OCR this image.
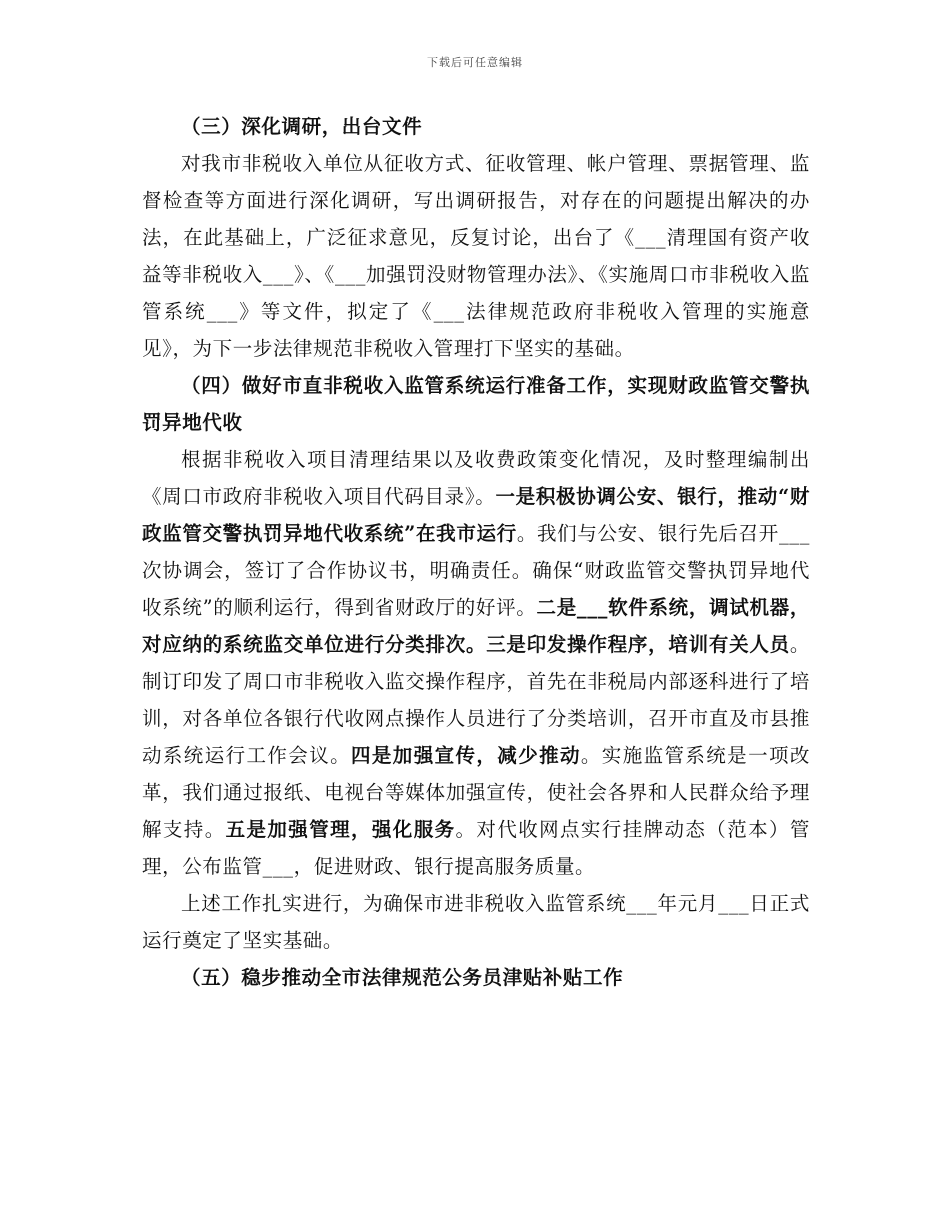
下载后可任意编辑

（三）深化调研，出台文件

对我市非税收入单位从征收方式、征收管理、帐户管理、票据管理、监督检查等方面进行深化调研，写出调研报告，对存在的问题提出解决的办法，在此基础上，广泛征求意见，反复讨论，出台了《___清理国有资产收益等非税收入___》、《___加强罚没财物管理办法》、《实施周口市非税收入监管系统___》等文件，拟定了《___法律规范政府非税收入管理的实施意见》，为下一步法律规范非税收入管理打下坚实的基础。

（四）做好市直非税收入监管系统运行准备工作，实现财政监管交警执罚异地代收

根据非税收入项目清理结果以及收费政策变化情况，及时整理编制出《周口市政府非税收入项目代码目录》。一是积极协调公安、银行，推动“财政监管交警执罚异地代收系统”在我市运行。我们与公安、银行先后召开___次协调会，签订了合作协议书，明确责任。确保“财政监管交警执罚异地代收系统”的顺利运行，得到省财政厅的好评。二是___软件系统，调试机器，对应纳的系统监交单位进行分类排次。三是印发操作程序，培训有关人员。制订印发了周口市非税收入监交操作程序，首先在非税局内部逐科进行了培训，对各单位各银行代收网点操作人员进行了分类培训，召开市直及市县推动系统运行工作会议。四是加强宣传，减少推动。实施监管系统是一项改革，我们通过报纸、电视台等媒体加强宣传，使社会各界和人民群众给予理解支持。五是加强管理，强化服务。对代收网点实行挂牌动态（范本）管理，公布监管___，促进财政、银行提高服务质量。

上述工作扎实进行，为确保市进非税收入监管系统___年元月___日正式运行奠定了坚实基础。

（五）稳步推动全市法律规范公务员津贴补贴工作
